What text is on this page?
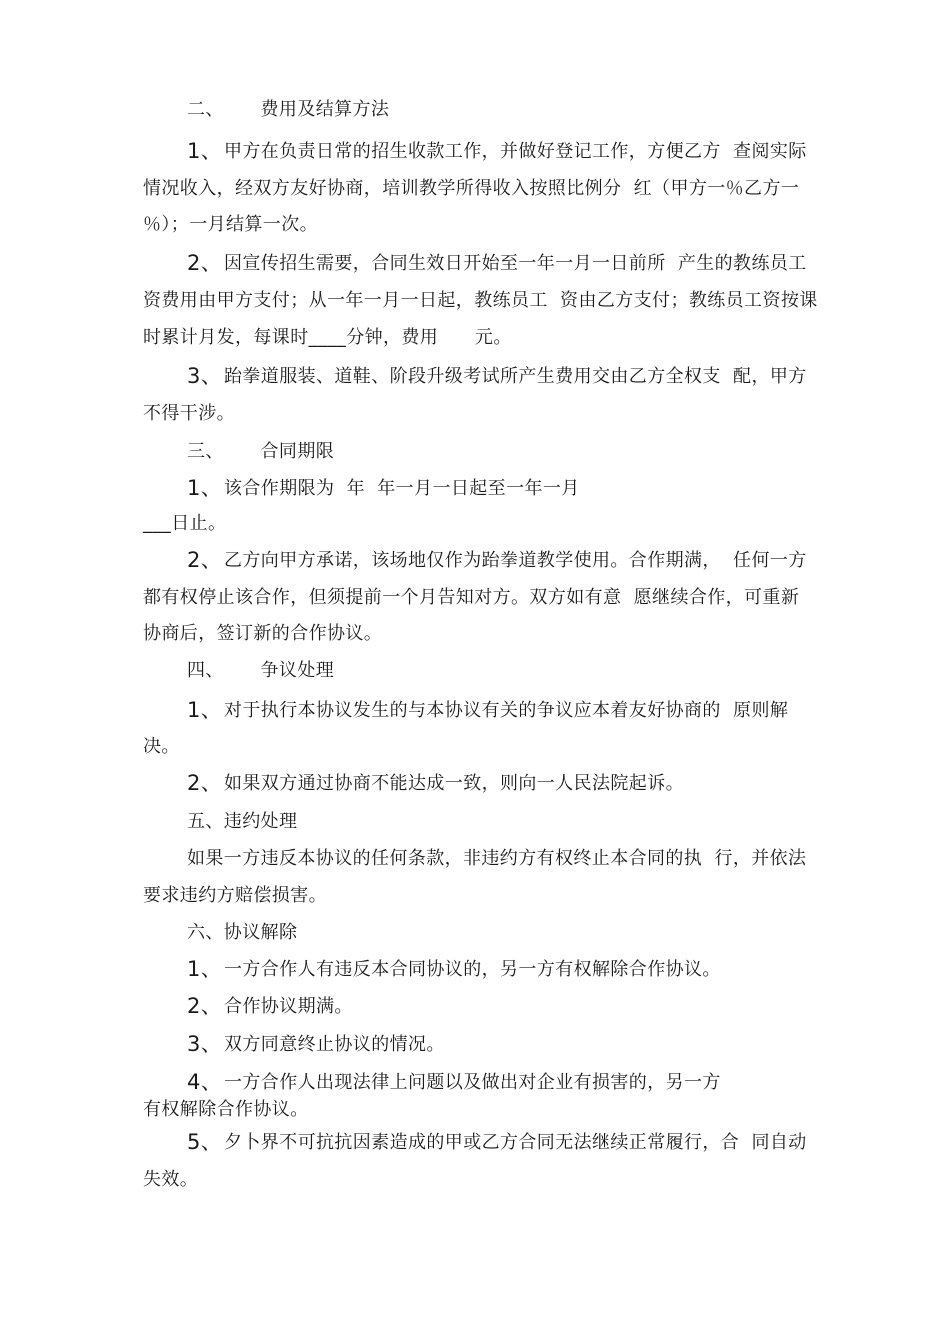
二、      费用及结算方法
1、 甲方在负责日常的招生收款工作，并做好登记工作，方便乙方  查阅实际
情况收入，经双方友好协商，培训教学所得收入按照比例分  红（甲方一％乙方一
％）；一月结算一次。
2、 因宣传招生需要，合同生效日开始至一年一月一日前所  产生的教练员工
资费用由甲方支付；从一年一月一日起，教练员工  资由乙方支付；教练员工资按课
时累计月发，每课时____分钟，费用      元。
3、 跆拳道服装、道鞋、阶段升级考试所产生费用交由乙方全权支  配，甲方
不得干涉。
三、      合同期限
1、 该合作期限为  年  年一月一日起至一年一月
___日止。
2、 乙方向甲方承诺，该场地仅作为跆拳道教学使用。合作期满，  任何一方
都有权停止该合作，但须提前一个月告知对方。双方如有意  愿继续合作，可重新
协商后，签订新的合作协议。
四、      争议处理
1、 对于执行本协议发生的与本协议有关的争议应本着友好协商的  原则解
决。
2、 如果双方通过协商不能达成一致，则向一人民法院起诉。
五、违约处理
如果一方违反本协议的任何条款，非违约方有权终止本合同的执  行，并依法
要求违约方赔偿损害。
六、协议解除
1、 一方合作人有违反本合同协议的，另一方有权解除合作协议。
2、 合作协议期满。
3、 双方同意终止协议的情况。
4、 一方合作人出现法律上问题以及做出对企业有损害的，另一方
有权解除合作协议。
5、 夕卜界不可抗抗因素造成的甲或乙方合同无法继续正常履行，合  同自动
失效。
